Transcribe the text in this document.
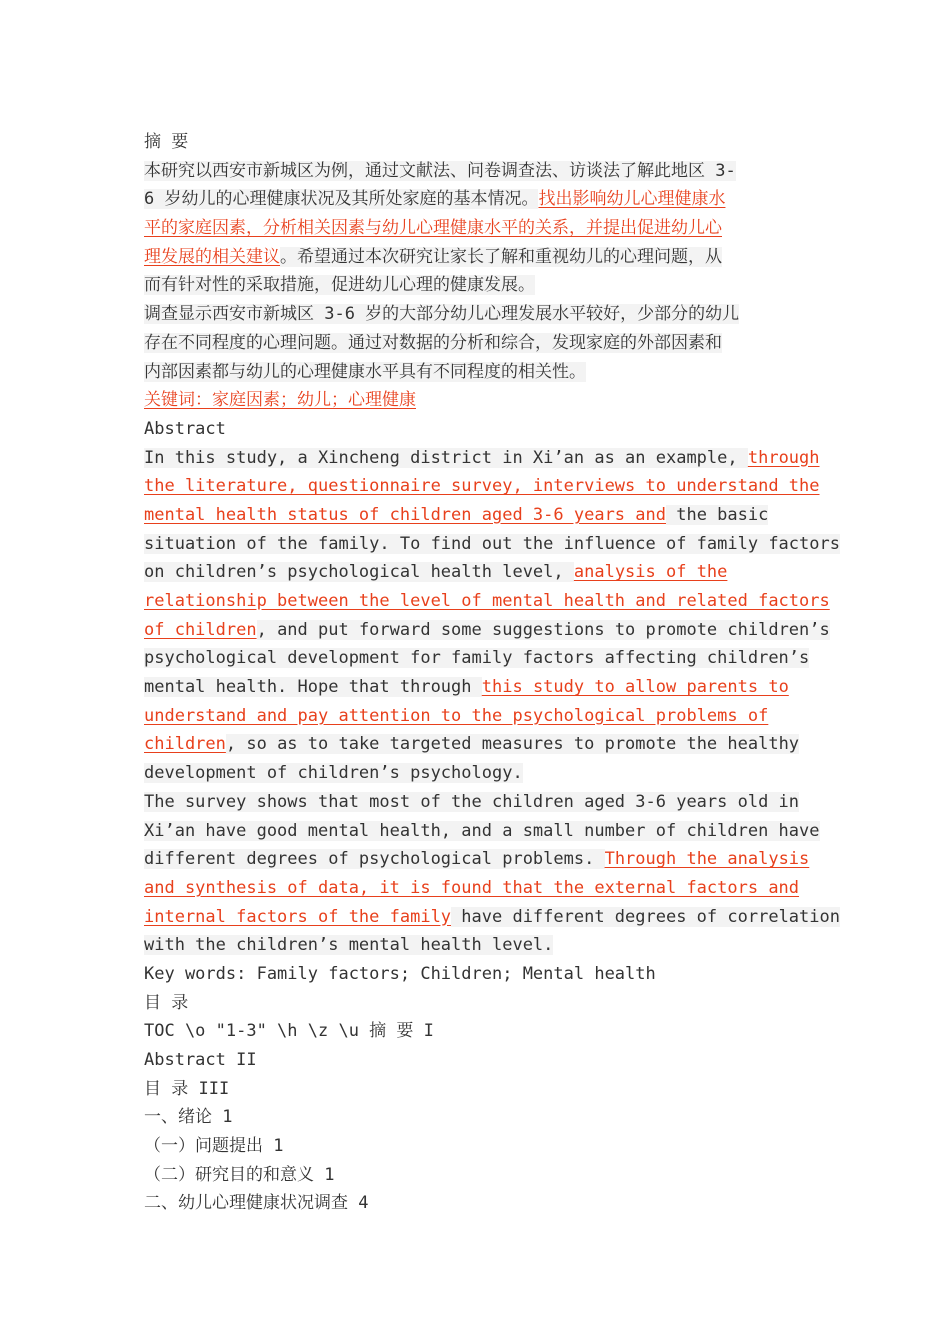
摘 要
本研究以西安市新城区为例，通过文献法、问卷调查法、访谈法了解此地区 3-
6 岁幼儿的心理健康状况及其所处家庭的基本情况。找出影响幼儿心理健康水
平的家庭因素，分析相关因素与幼儿心理健康水平的关系，并提出促进幼儿心
理发展的相关建议。希望通过本次研究让家长了解和重视幼儿的心理问题，从
而有针对性的采取措施，促进幼儿心理的健康发展。
调查显示西安市新城区 3-6 岁的大部分幼儿心理发展水平较好，少部分的幼儿
存在不同程度的心理问题。通过对数据的分析和综合，发现家庭的外部因素和
内部因素都与幼儿的心理健康水平具有不同程度的相关性。
关键词：家庭因素；幼儿；心理健康
Abstract
In this study, a Xincheng district in Xi’an as an example, through
the literature, questionnaire survey, interviews to understand the
mental health status of children aged 3-6 years and the basic
situation of the family. To find out the influence of family factors
on children’s psychological health level, analysis of the
relationship between the level of mental health and related factors
of children, and put forward some suggestions to promote children’s
psychological development for family factors affecting children’s
mental health. Hope that through this study to allow parents to
understand and pay attention to the psychological problems of
children, so as to take targeted measures to promote the healthy
development of children’s psychology.
The survey shows that most of the children aged 3-6 years old in
Xi’an have good mental health, and a small number of children have
different degrees of psychological problems. Through the analysis
and synthesis of data, it is found that the external factors and
internal factors of the family have different degrees of correlation
with the children’s mental health level.
Key words: Family factors; Children; Mental health
目 录
TOC \o "1-3" \h \z \u 摘 要 I
Abstract II
目 录 III
一、绪论 1
（一）问题提出 1
（二）研究目的和意义 1
二、幼儿心理健康状况调查 4
